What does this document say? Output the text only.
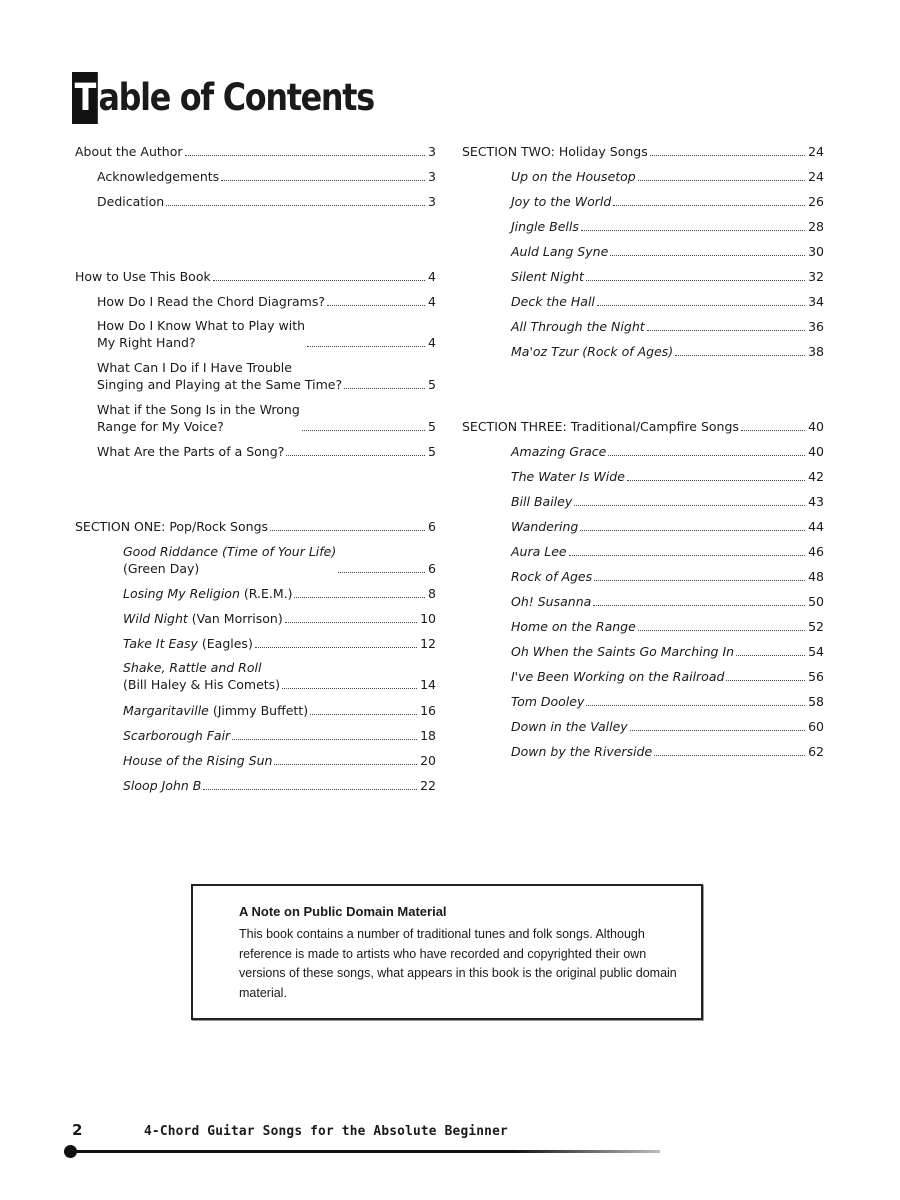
Table of Contents
About the Author	3
Acknowledgements	3
Dedication	3
How to Use This Book	4
How Do I Read the Chord Diagrams?	4
How Do I Know What to Play with
My Right Hand?	4
What Can I Do if I Have Trouble
Singing and Playing at the Same Time?	5
What if the Song Is in the Wrong
Range for My Voice?	5
What Are the Parts of a Song?	5
SECTION ONE: Pop/Rock Songs	6
Good Riddance (Time of Your Life)
(Green Day)	6
Losing My Religion (R.E.M.)	8
Wild Night (Van Morrison)	10
Take It Easy (Eagles)	12
Shake, Rattle and Roll
(Bill Haley & His Comets)	14
Margaritaville (Jimmy Buffett)	16
Scarborough Fair	18
House of the Rising Sun	20
Sloop John B	22
SECTION TWO: Holiday Songs	24
Up on the Housetop	24
Joy to the World	26
Jingle Bells	28
Auld Lang Syne	30
Silent Night	32
Deck the Hall	34
All Through the Night	36
Ma'oz Tzur (Rock of Ages)	38
SECTION THREE: Traditional/Campfire Songs	40
Amazing Grace	40
The Water Is Wide	42
Bill Bailey	43
Wandering	44
Aura Lee	46
Rock of Ages	48
Oh! Susanna	50
Home on the Range	52
Oh When the Saints Go Marching In	54
I've Been Working on the Railroad	56
Tom Dooley	58
Down in the Valley	60
Down by the Riverside	62

A Note on Public Domain Material

This book contains a number of traditional tunes and folk songs. Although reference is made to artists who have recorded and copyrighted their own versions of these songs, what appears in this book is the original public domain material.

2	4-Chord Guitar Songs for the Absolute Beginner
